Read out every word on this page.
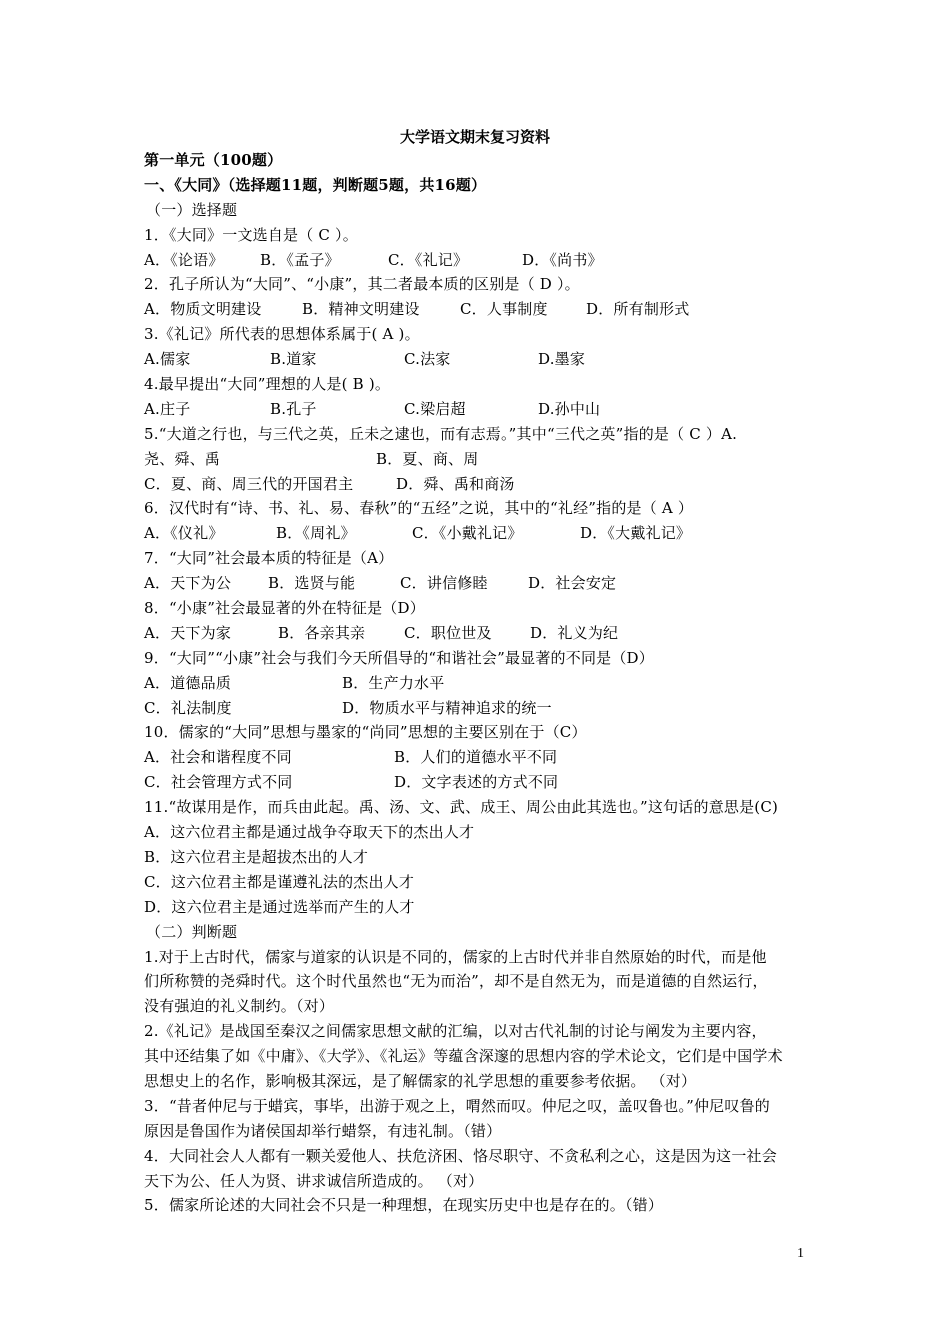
大学语文期末复习资料
第一单元（100题）
一、《大同》（选择题11题，判断题5题，共16题）
（一）选择题
1．《大同》一文选自是（ C ）。
A．《论语》	B．《孟子》	C．《礼记》	D．《尚书》
2．孔子所认为“大同”、“小康”，其二者最本质的区别是（ D ）。
A．物质文明建设	B．精神文明建设	C．人事制度	D．所有制形式
3.《礼记》所代表的思想体系属于( A )。
A.儒家	B.道家	C.法家	D.墨家
4.最早提出“大同”理想的人是( B )。
A.庄子	B.孔子	C.梁启超	D.孙中山
5.“大道之行也，与三代之英，丘未之逮也，而有志焉。”其中“三代之英”指的是（ C ）A.
尧、舜、禹	B．夏、商、周
C．夏、商、周三代的开国君主	D．舜、禹和商汤
6．汉代时有“诗、书、礼、易、春秋”的“五经”之说，其中的“礼经”指的是（ A ）
A．《仪礼》	B．《周礼》	C．《小戴礼记》	D．《大戴礼记》
7．“大同”社会最本质的特征是（A）
A．天下为公	B．选贤与能	C．讲信修睦	D．社会安定
8．“小康”社会最显著的外在特征是（D）
A．天下为家	B．各亲其亲	C．职位世及	D．礼义为纪
9．“大同”“小康”社会与我们今天所倡导的“和谐社会”最显著的不同是（D）
A．道德品质	B．生产力水平
C．礼法制度	D．物质水平与精神追求的统一
10．儒家的“大同”思想与墨家的“尚同”思想的主要区别在于（C）
A．社会和谐程度不同	B．人们的道德水平不同
C．社会管理方式不同	D．文字表述的方式不同
11.“故谋用是作，而兵由此起。禹、汤、文、武、成王、周公由此其选也。”这句话的意思是(C)
A．这六位君主都是通过战争夺取天下的杰出人才
B．这六位君主是超拔杰出的人才
C．这六位君主都是谨遵礼法的杰出人才
D．这六位君主是通过选举而产生的人才
（二）判断题
1.对于上古时代，儒家与道家的认识是不同的，儒家的上古时代并非自然原始的时代，而是他
们所称赞的尧舜时代。这个时代虽然也“无为而治”，却不是自然无为，而是道德的自然运行，
没有强迫的礼义制约。（对）
2.《礼记》是战国至秦汉之间儒家思想文献的汇编，以对古代礼制的讨论与阐发为主要内容，
其中还结集了如《中庸》、《大学》、《礼运》等蕴含深邃的思想内容的学术论文，它们是中国学术
思想史上的名作，影响极其深远，是了解儒家的礼学思想的重要参考依据。 （对）
3．“昔者仲尼与于蜡宾，事毕，出游于观之上，喟然而叹。仲尼之叹，盖叹鲁也。”仲尼叹鲁的
原因是鲁国作为诸侯国却举行蜡祭，有违礼制。（错）
4．大同社会人人都有一颗关爱他人、扶危济困、恪尽职守、不贪私利之心，这是因为这一社会
天下为公、任人为贤、讲求诚信所造成的。 （对）
5．儒家所论述的大同社会不只是一种理想，在现实历史中也是存在的。（错）
1
